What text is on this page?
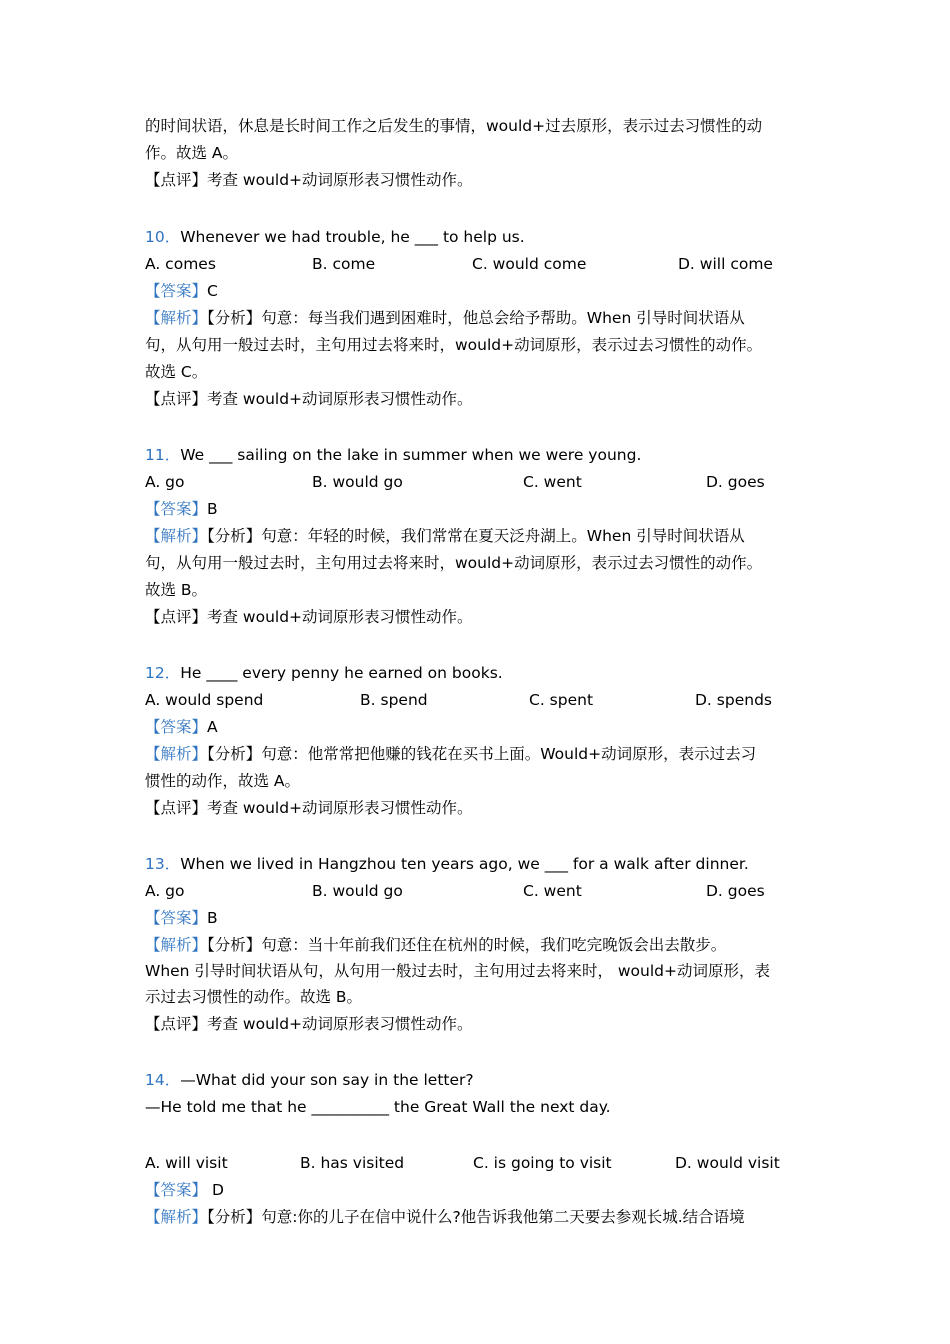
的时间状语，休息是长时间工作之后发生的事情，would+过去原形，表示过去习惯性的动
作。故选 A。
【点评】考查 would+动词原形表习惯性动作。
10．Whenever we had trouble, he ___ to help us.
A. comes	B. come	C. would come	D. will come
【答案】C
【解析】【分析】句意：每当我们遇到困难时，他总会给予帮助。When 引导时间状语从
句，从句用一般过去时，主句用过去将来时，would+动词原形，表示过去习惯性的动作。
故选 C。
【点评】考查 would+动词原形表习惯性动作。
11．We ___ sailing on the lake in summer when we were young.
A. go	B. would go	C. went	D. goes
【答案】B
【解析】【分析】句意：年轻的时候，我们常常在夏天泛舟湖上。When 引导时间状语从
句，从句用一般过去时，主句用过去将来时，would+动词原形，表示过去习惯性的动作。
故选 B。
【点评】考查 would+动词原形表习惯性动作。
12．He ____ every penny he earned on books.
A. would spend	B. spend	C. spent	D. spends
【答案】A
【解析】【分析】句意：他常常把他赚的钱花在买书上面。Would+动词原形，表示过去习
惯性的动作，故选 A。
【点评】考查 would+动词原形表习惯性动作。
13．When we lived in Hangzhou ten years ago, we ___ for a walk after dinner.
A. go	B. would go	C. went	D. goes
【答案】B
【解析】【分析】句意：当十年前我们还住在杭州的时候，我们吃完晚饭会出去散步。
When 引导时间状语从句，从句用一般过去时，主句用过去将来时， would+动词原形，表
示过去习惯性的动作。故选 B。
【点评】考查 would+动词原形表习惯性动作。
14．—What did your son say in the letter?
—He told me that he __________ the Great Wall the next day.
A. will visit	B. has visited	C. is going to visit	D. would visit
【答案】 D
【解析】【分析】句意:你的儿子在信中说什么?他告诉我他第二天要去参观长城.结合语境
